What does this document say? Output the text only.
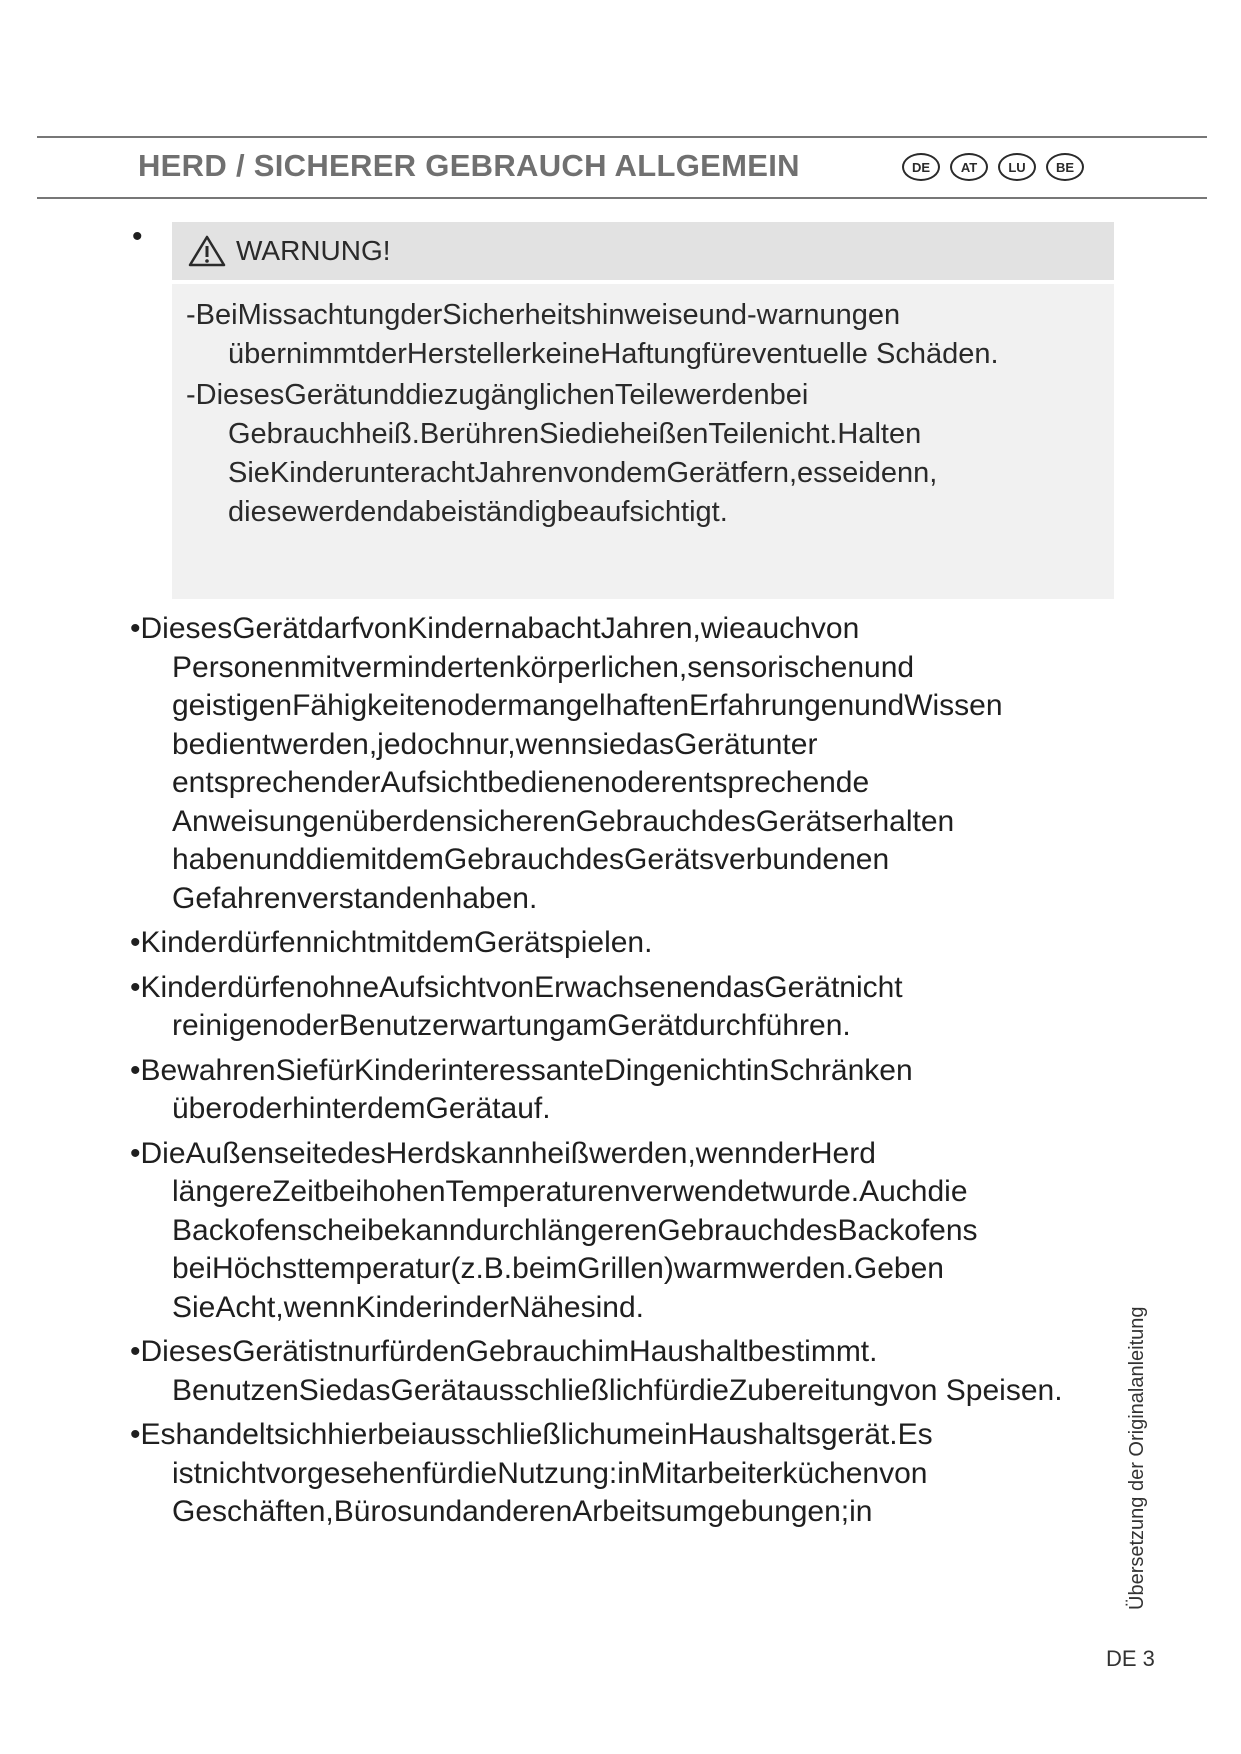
HERD / SICHERER GEBRAUCH ALLGEMEIN	DE	AT	LU	BE
•	WARNUNG!
-BeiMissachtungderSicherheitshinweiseund-warnungen übernimmtderHerstellerkeineHaftungfüreventuelle Schäden.
-DiesesGerätunddiezugänglichenTeilewerdenbei Gebrauchheiß.BerührenSiedieheißenTeilenicht.Halten SieKinderunterachtJahrenvondemGerätfern,esseidenn, diesewerdendabeiständigbeaufsichtigt.
•DiesesGerätdarfvonKindernabachtJahren,wieauchvon Personenmitvermindertenkörperlichen,sensorischenund geistigenFähigkeitenodermangelhaftenErfahrungenundWissen bedientwerden,jedochnur,wennsiedasGerätunter entsprechenderAufsichtbedienenoderentsprechende AnweisungenüberdensicherenGebrauchdesGerätserhalten habenunddiemitdemGebrauchdesGerätsverbundenen Gefahrenverstandenhaben.
•KinderdürfennichtmitdemGerätspielen.
•KinderdürfenohneAufsichtvonErwachsenendasGerätnicht reinigenoderBenutzerwartungamGerätdurchführen.
•BewahrenSiefürKinderinteressanteDingenichtinSchränken überoderhinterdemGerätauf.
•DieAußenseitedesHerdskannheißwerden,wennderHerd längereZeitbeihohenTemperaturenverwendetwurde.Auchdie BackofenscheibekanndurchlängerenGebrauchdesBackofens beiHöchsttemperatur(z.B.beimGrillen)warmwerden.Geben SieAcht,wennKinderinderNähesind.
•DiesesGerätistnurfürdenGebrauchimHaushaltbestimmt. BenutzenSiedasGerätausschließlichfürdieZubereitungvon Speisen.
•EshandeltsichhierbeiausschließlichumeinHaushaltsgerät.Es istnichtvorgesehenfürdieNutzung:inMitarbeiterküchenvon Geschäften,BürosundanderenArbeitsumgebungen;in	Übersetzung der Originalanleitung
DE 3
